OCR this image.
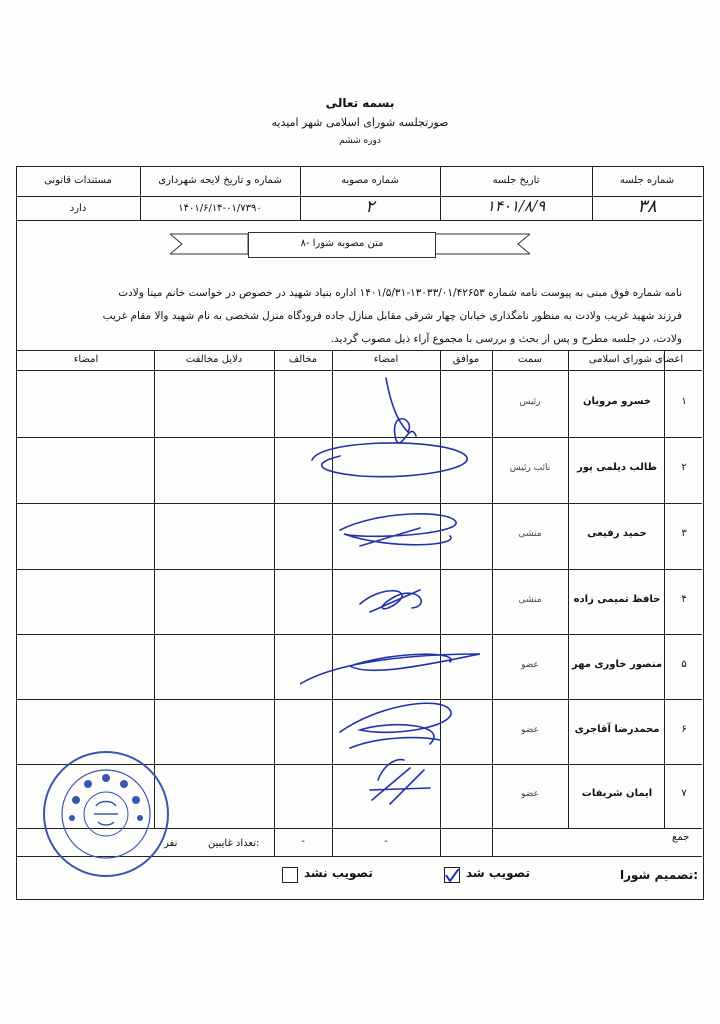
بسمه تعالی
صورتجلسه شورای اسلامی شهر امیدیه
دوره ششم
شماره جلسه
تاریخ جلسه
شماره مصوبه
شماره و تاریخ لایحه شهرداری
مستندات قانونی
۳۸
۱۴۰۱/۸/۹
۲
۱۴۰۱/۶/۱۴-۰۱/۷۳۹۰
دارد
۸- متن مصوبه شورا
نامه شماره فوق مبنی به پیوست نامه شماره ۱۳۰۳۳/۰۱/۴۲۶۵۳-۱۴۰۱/۵/۳۱ اداره بنیاد شهید در خصوص در خواست خانم مینا ولادت
فرزند شهید غریب ولادت به منظور نامگذاری خیابان چهار شرقی مقابل منازل جاده فرودگاه منزل شخصی به نام شهید والا مقام غریب
ولادت، در جلسه مطرح و پس از بحث و بررسی با مجموع آراء ذیل مصوب گردید.
اعضای شورای اسلامی
سمت
موافق
امضاء
مخالف
دلایل مخالفت
امضاء
۱
خسرو مرویان
رئیس
۲
طالب دیلمی پور
نائب رئیس
۳
حمید رفیعی
منشی
۴
حافظ تمیمی زاده
منشی
۵
منصور خاوری مهر
عضو
۶
محمدرضا آقاجری
عضو
۷
ایمان شریفات
عضو
جمع
-
-
تعداد غایبین:
نفر
تصمیم شورا:
تصویب شد
تصویب نشد
